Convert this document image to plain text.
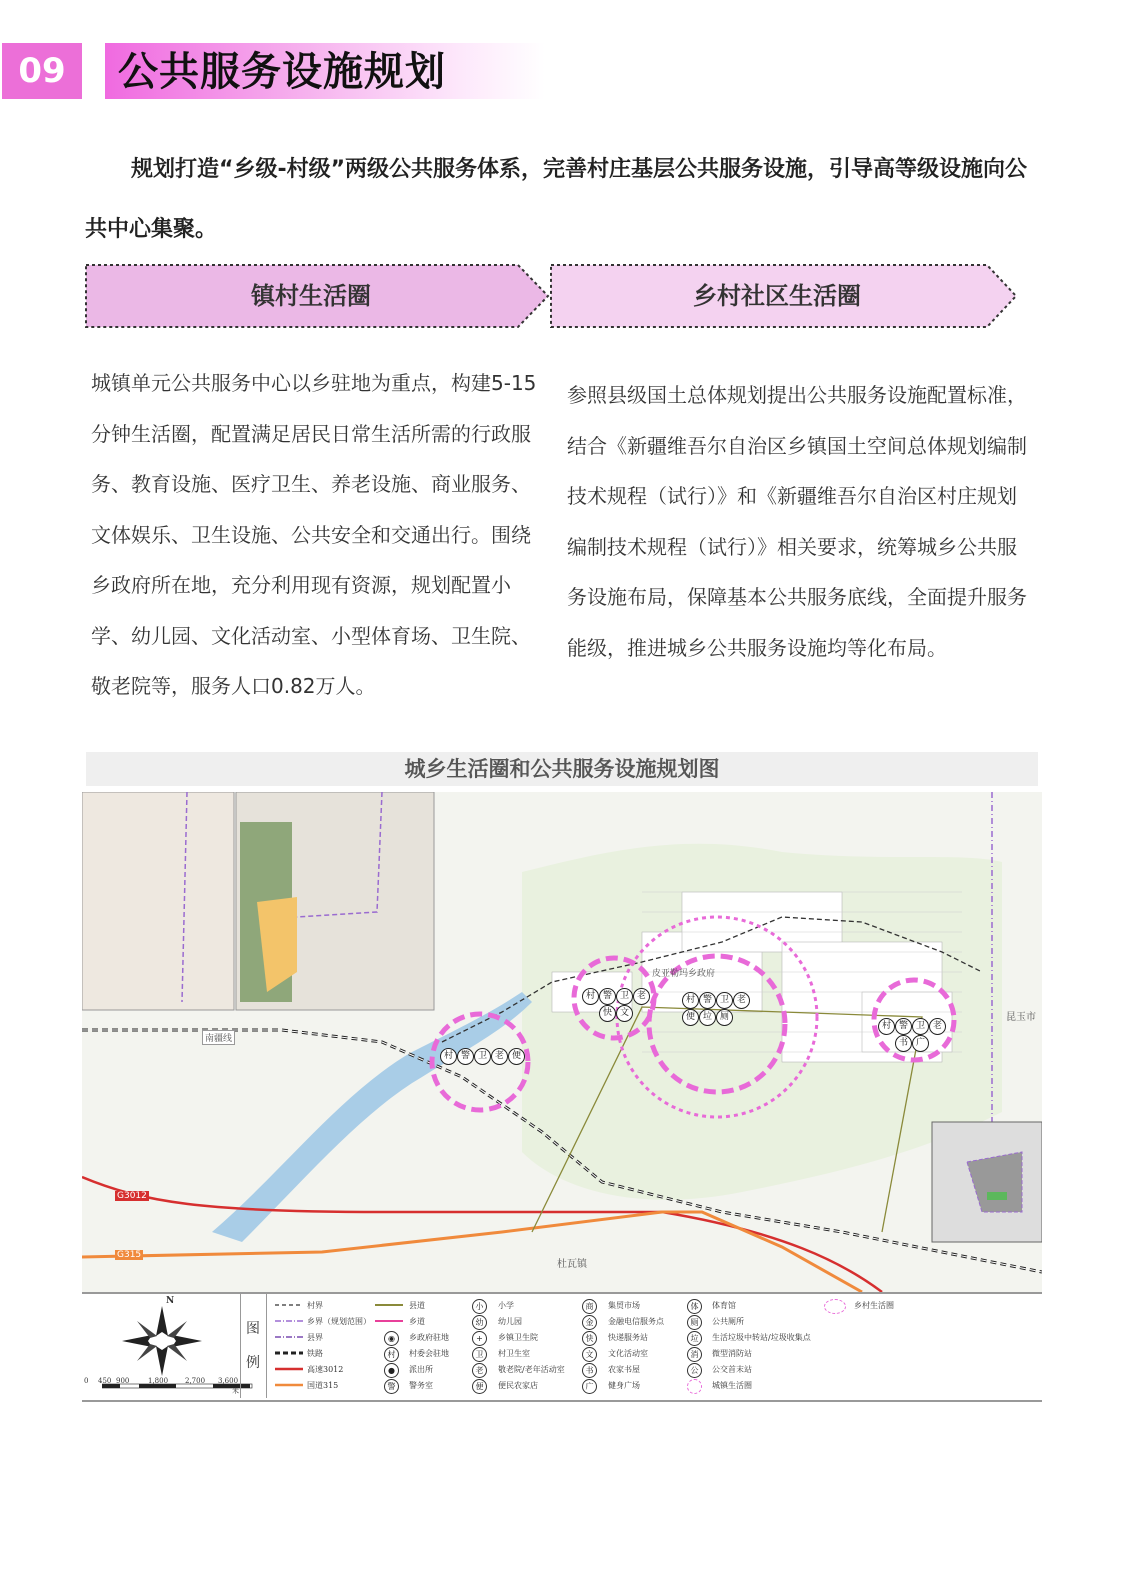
09	公共服务设施规划
规划打造“乡级-村级”两级公共服务体系，完善村庄基层公共服务设施，引导高等级设施向公共中心集聚。
镇村生活圈	乡村社区生活圈
城镇单元公共服务中心以乡驻地为重点，构建5-15分钟生活圈，配置满足居民日常生活所需的行政服务、教育设施、医疗卫生、养老设施、商业服务、文体娱乐、卫生设施、公共安全和交通出行。围绕乡政府所在地，充分利用现有资源，规划配置小学、幼儿园、文化活动室、小型体育场、卫生院、敬老院等，服务人口0.82万人。
参照县级国土总体规划提出公共服务设施配置标准，结合《新疆维吾尔自治区乡镇国土空间总体规划编制技术规程（试行）》和《新疆维吾尔自治区村庄规划编制技术规程（试行）》相关要求，统筹城乡公共服务设施布局，保障基本公共服务底线，全面提升服务能级，推进城乡公共服务设施均等化布局。
城乡生活圈和公共服务设施规划图
昆玉市
杜瓦镇
南疆线
G3012
G315
皮亚勒玛乡政府
村 警 卫 老 便
村 警 卫 老
快 文
村 警 卫 老
书 广
村 警 卫 老
便 垃 厕
N
0 450 900	1,800 2,700 3,600
米
图
例
村界
乡界（规划范围）
县界
铁路
高速3012
国道315
◉
村
●
警
县道
乡道
乡政府驻地
村委会驻地
派出所
警务室
小
幼
+
卫
老
便
小学
幼儿园
乡镇卫生院
村卫生室
敬老院/老年活动室
便民农家店
商
金
快
文
书
广
集贸市场
金融电信服务点
快递服务站
文化活动室
农家书屋
健身广场
体
厕
垃
消
公
体育馆
公共厕所
生活垃圾中转站/垃圾收集点
微型消防站
公交首末站
城镇生活圈
乡村生活圈
